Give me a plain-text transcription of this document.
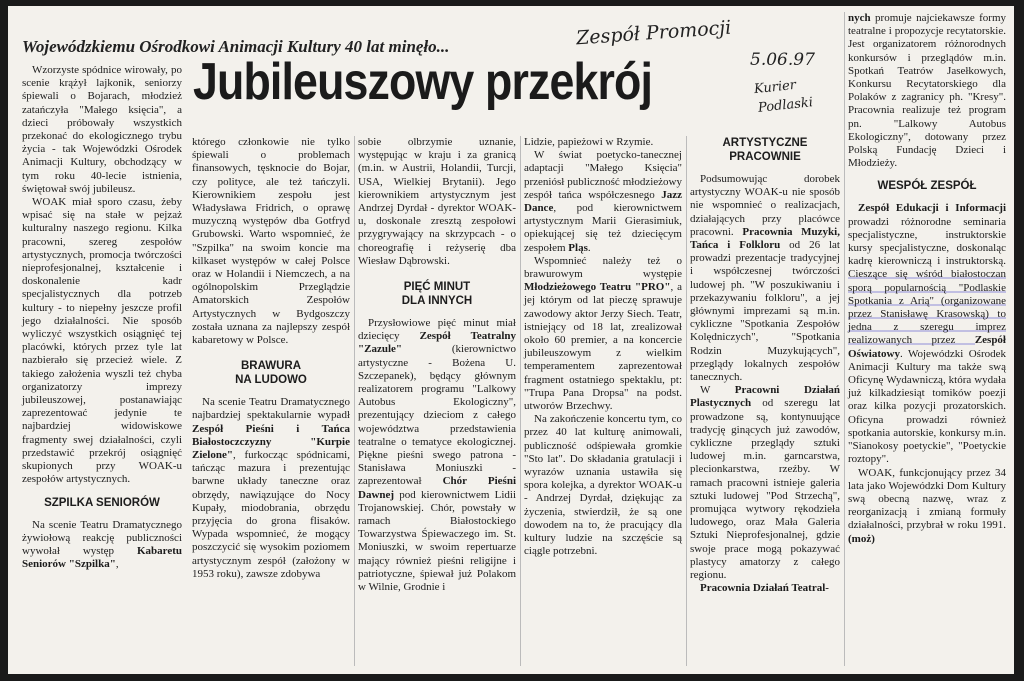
Wojewódzkiemu Ośrodkowi Animacji Kultury 40 lat minęło...
Jubileuszowy przekrój
Zespół Promocji
5.06.97
Kurier
Podlaski

Wzorzyste spódnice wirowały, po scenie krążył lajkonik, seniorzy śpiewali o Bojarach, młodzież zatańczyła "Małego księcia", a dzieci próbowały wszystkich przekonać do ekologicznego trybu życia - tak Wojewódzki Ośrodek Animacji Kultury, obchodzący w tym roku 40-lecie istnienia, świętował swój jubileusz.

WOAK miał sporo czasu, żeby wpisać się na stałe w pejzaż kulturalny naszego regionu. Kilka pracowni, szereg zespołów artystycznych, promocja twórczości nieprofesjonalnej, kształcenie i doskonalenie kadr specjalistycznych dla potrzeb kultury - to niepełny jeszcze profil jego działalności. Nie sposób wyliczyć wszystkich osiągnięć tej placówki, których przez tyle lat nazbierało się przecież wiele. Z takiego założenia wyszli też chyba organizatorzy imprezy jubileuszowej, postanawiając zaprezentować jedynie te najbardziej widowiskowe fragmenty swej działalności, czyli przedstawić przekrój osiągnięć skupionych przy WOAK-u zespołów artystycznych.

SZPILKA SENIORÓW

Na scenie Teatru Dramatycznego żywiołową reakcję publiczności wywołał występ Kabaretu Seniorów "Szpilka",

którego członkowie nie tylko śpiewali o problemach finansowych, tęsknocie do Bojar, czy polityce, ale też tańczyli. Kierownikiem zespołu jest Władysława Fridrich, o oprawę muzyczną występów dba Gotfryd Grubowski. Warto wspomnieć, że "Szpilka" na swoim koncie ma kilkaset występów w całej Polsce oraz w Holandii i Niemczech, a na ogólnopolskim Przeglądzie Amatorskich Zespołów Artystycznych w Bydgoszczy została uznana za najlepszy zespół kabaretowy w Polsce.

BRAWURA
NA LUDOWO

Na scenie Teatru Dramatycznego najbardziej spektakularnie wypadł Zespół Pieśni i Tańca Białostoczczyzny "Kurpie Zielone", furkocząc spódnicami, tańcząc mazura i prezentując barwne układy taneczne oraz obrzędy, nawiązujące do Nocy Kupały, miodobrania, obrzędu przyjęcia do grona flisaków. Wypada wspomnieć, że mogący poszczycić się wysokim poziomem artystycznym zespół (założony w 1953 roku), zawsze zdobywa

sobie olbrzymie uznanie, występując w kraju i za granicą (m.in. w Austrii, Holandii, Turcji, USA, Wielkiej Brytanii). Jego kierownikiem artystycznym jest Andrzej Dyrdał - dyrektor WOAK-u, doskonale zresztą zespołowi przygrywający na skrzypcach - o choreografię i reżyserię dba Wiesław Dąbrowski.

PIĘĆ MINUT
DLA INNYCH

Przysłowiowe pięć minut miał dziecięcy Zespół Teatralny "Zazule" (kierownictwo artystyczne - Bożena U. Szczepanek), będący głównym realizatorem programu "Lalkowy Autobus Ekologiczny", prezentujący dzieciom z całego województwa przedstawienia teatralne o tematyce ekologicznej. Piękne pieśni swego patrona - Stanisława Moniuszki - zaprezentował Chór Pieśni Dawnej pod kierownictwem Lidii Trojanowskiej. Chór, powstały w ramach Białostockiego Towarzystwa Śpiewaczego im. St. Moniuszki, w swoim repertuarze mający również pieśni religijne i patriotyczne, śpiewał już Polakom w Wilnie, Grodnie i

Lidzie, papieżowi w Rzymie.

W świat poetycko-tanecznej adaptacji "Małego Księcia" przeniósł publiczność młodzieżowy zespół tańca współczesnego Jazz Dance, pod kierownictwem artystycznym Marii Gierasimiuk, opiekującej się też dziecięcym zespołem Pląs.

Wspomnieć należy też o brawurowym występie Młodzieżowego Teatru "PRO", a jej którym od lat pieczę sprawuje zawodowy aktor Jerzy Siech. Teatr, istniejący od 18 lat, zrealizował około 60 premier, a na koncercie jubileuszowym z wielkim temperamentem zaprezentował fragment ostatniego spektaklu, pt: "Trupa Pana Dropsa" na podst. utworów Brzechwy.

Na zakończenie koncertu tym, co przez 40 lat kulturę animowali, publiczność odśpiewała gromkie "Sto lat". Do składania gratulacji i wyrazów uznania ustawiła się spora kolejka, a dyrektor WOAK-u - Andrzej Dyrdał, dziękując za życzenia, stwierdził, że są one dowodem na to, że pracujący dla kultury ludzie na szczęście są ciągle potrzebni.

ARTYSTYCZNE
PRACOWNIE

Podsumowując dorobek artystyczny WOAK-u nie sposób nie wspomnieć o realizacjach, działających przy placówce pracowni. Pracownia Muzyki, Tańca i Folkloru od 26 lat prowadzi prezentacje tradycyjnej i współczesnej twórczości ludowej ph. "W poszukiwaniu i przekazywaniu folkloru", a jej głównymi imprezami są m.in. cykliczne "Spotkania Zespołów Kolędniczych", "Spotkania Rodzin Muzykujących", przeglądy lokalnych zespołów tanecznych.

W Pracowni Działań Plastycznych od szeregu lat prowadzone są, kontynuujące tradycję ginących już zawodów, cykliczne przeglądy sztuki ludowej m.in. garncarstwa, plecionkarstwa, rzeźby. W ramach pracowni istnieje galeria sztuki ludowej "Pod Strzechą", promująca wytwory rękodzieła ludowego, oraz Mała Galeria Sztuki Nieprofesjonalnej, gdzie swoje prace mogą pokazywać plastycy amatorzy z całego regionu.

Pracownia Działań Teatral-

nych promuje najciekawsze formy teatralne i propozycje recytatorskie. Jest organizatorem różnorodnych konkursów i przeglądów m.in. Spotkań Teatrów Jasełkowych, Konkursu Recytatorskiego dla Polaków z zagranicy ph. "Kresy". Pracownia realizuje też program pn. "Lalkowy Autobus Ekologiczny", dotowany przez Polską Fundację Dzieci i Młodzieży.

WESPÓŁ ZESPÓŁ

Zespół Edukacji i Informacji prowadzi różnorodne seminaria specjalistyczne, instruktorskie kursy specjalistyczne, doskonaląc kadrę kierowniczą i instruktorską. Cieszące się wśród białostoczan sporą popularnością "Podlaskie Spotkania z Arią" (organizowane przez Stanisławę Krasowską) to jedna z szeregu imprez realizowanych przez Zespół Oświatowy. Wojewódzki Ośrodek Animacji Kultury ma także swą Oficynę Wydawniczą, która wydała już kilkadziesiąt tomików poezji oraz kilka pozycji prozatorskich. Oficyna prowadzi również spotkania autorskie, konkursy m.in. "Sianokosy poetyckie", "Poetyckie roztopy".

WOAK, funkcjonujący przez 34 lata jako Wojewódzki Dom Kultury swą obecną nazwę, wraz z reorganizacją i zmianą formuły działalności, przybrał w roku 1991. (moż)
